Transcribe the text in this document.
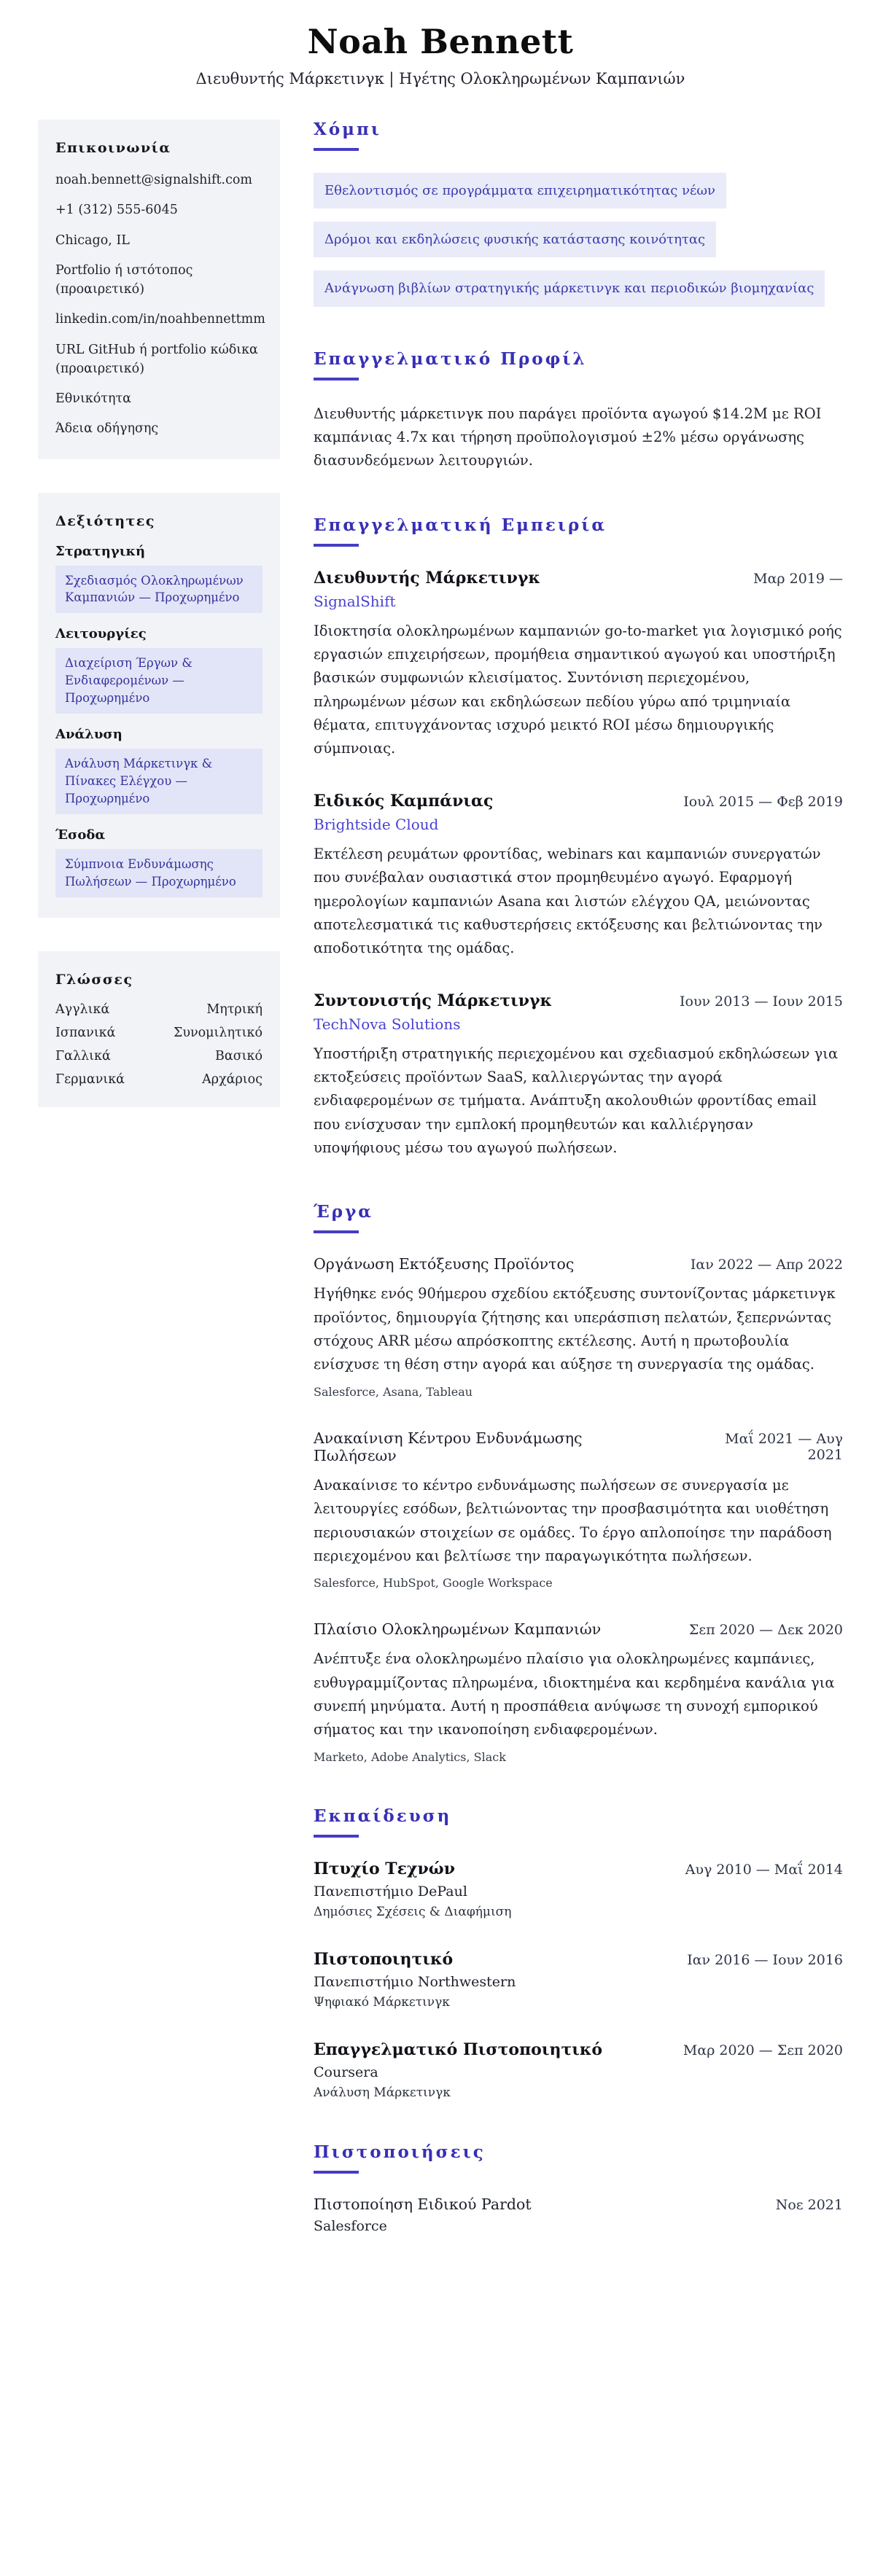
Noah Bennett
Διευθυντής Μάρκετινγκ | Ηγέτης Ολοκληρωμένων Καμπανιών
Επικοινωνία
noah.bennett@signalshift.com
+1 (312) 555-6045
Chicago, IL
Portfolio ή ιστότοπος (προαιρετικό)
linkedin.com/in/noahbennettmm
URL GitHub ή portfolio κώδικα (προαιρετικό)
Εθνικότητα
Άδεια οδήγησης
Δεξιότητες
Στρατηγική
Σχεδιασμός Ολοκληρωμένων Καμπανιών — Προχωρημένο
Λειτουργίες
Διαχείριση Έργων & Ενδιαφερομένων — Προχωρημένο
Ανάλυση
Ανάλυση Μάρκετινγκ & Πίνακες Ελέγχου — Προχωρημένο
Έσοδα
Σύμπνοια Ενδυνάμωσης Πωλήσεων — Προχωρημένο
Γλώσσες
Αγγλικά	Μητρική
Ισπανικά	Συνομιλητικό
Γαλλικά	Βασικό
Γερμανικά	Αρχάριος
Χόμπι
Εθελοντισμός σε προγράμματα επιχειρηματικότητας νέων
Δρόμοι και εκδηλώσεις φυσικής κατάστασης κοινότητας
Ανάγνωση βιβλίων στρατηγικής μάρκετινγκ και περιοδικών βιομηχανίας
Επαγγελματικό Προφίλ
Διευθυντής μάρκετινγκ που παράγει προϊόντα αγωγού $14.2M με ROI καμπάνιας 4.7x και τήρηση προϋπολογισμού ±2% μέσω οργάνωσης διασυνδεόμενων λειτουργιών.
Επαγγελματική Εμπειρία
Διευθυντής Μάρκετινγκ	Μαρ 2019 —
SignalShift
Ιδιοκτησία ολοκληρωμένων καμπανιών go-to-market για λογισμικό ροής εργασιών επιχειρήσεων, προμήθεια σημαντικού αγωγού και υποστήριξη βασικών συμφωνιών κλεισίματος. Συντόνιση περιεχομένου, πληρωμένων μέσων και εκδηλώσεων πεδίου γύρω από τριμηνιαία θέματα, επιτυγχάνοντας ισχυρό μεικτό ROI μέσω δημιουργικής σύμπνοιας.
Ειδικός Καμπάνιας	Ιουλ 2015 — Φεβ 2019
Brightside Cloud
Εκτέλεση ρευμάτων φροντίδας, webinars και καμπανιών συνεργατών που συνέβαλαν ουσιαστικά στον προμηθευμένο αγωγό. Εφαρμογή ημερολογίων καμπανιών Asana και λιστών ελέγχου QA, μειώνοντας αποτελεσματικά τις καθυστερήσεις εκτόξευσης και βελτιώνοντας την αποδοτικότητα της ομάδας.
Συντονιστής Μάρκετινγκ	Ιουν 2013 — Ιουν 2015
TechNova Solutions
Υποστήριξη στρατηγικής περιεχομένου και σχεδιασμού εκδηλώσεων για εκτοξεύσεις προϊόντων SaaS, καλλιεργώντας την αγορά ενδιαφερομένων σε τμήματα. Ανάπτυξη ακολουθιών φροντίδας email που ενίσχυσαν την εμπλοκή προμηθευτών και καλλιέργησαν υποψήφιους μέσω του αγωγού πωλήσεων.
Έργα
Οργάνωση Εκτόξευσης Προϊόντος	Ιαν 2022 — Απρ 2022
Ηγήθηκε ενός 90ήμερου σχεδίου εκτόξευσης συντονίζοντας μάρκετινγκ προϊόντος, δημιουργία ζήτησης και υπεράσπιση πελατών, ξεπερνώντας στόχους ARR μέσω απρόσκοπτης εκτέλεσης. Αυτή η πρωτοβουλία ενίσχυσε τη θέση στην αγορά και αύξησε τη συνεργασία της ομάδας.
Salesforce, Asana, Tableau
Ανακαίνιση Κέντρου Ενδυνάμωσης Πωλήσεων
Μαΐ 2021 — Αυγ 2021
Ανακαίνισε το κέντρο ενδυνάμωσης πωλήσεων σε συνεργασία με λειτουργίες εσόδων, βελτιώνοντας την προσβασιμότητα και υιοθέτηση περιουσιακών στοιχείων σε ομάδες. Το έργο απλοποίησε την παράδοση περιεχομένου και βελτίωσε την παραγωγικότητα πωλήσεων.
Salesforce, HubSpot, Google Workspace
Πλαίσιο Ολοκληρωμένων Καμπανιών	Σεπ 2020 — Δεκ 2020
Ανέπτυξε ένα ολοκληρωμένο πλαίσιο για ολοκληρωμένες καμπάνιες, ευθυγραμμίζοντας πληρωμένα, ιδιοκτημένα και κερδημένα κανάλια για συνεπή μηνύματα. Αυτή η προσπάθεια ανύψωσε τη συνοχή εμπορικού σήματος και την ικανοποίηση ενδιαφερομένων.
Marketo, Adobe Analytics, Slack
Εκπαίδευση
Πτυχίο Τεχνών	Αυγ 2010 — Μαΐ 2014
Πανεπιστήμιο DePaul
Δημόσιες Σχέσεις & Διαφήμιση
Πιστοποιητικό	Ιαν 2016 — Ιουν 2016
Πανεπιστήμιο Northwestern
Ψηφιακό Μάρκετινγκ
Επαγγελματικό Πιστοποιητικό	Μαρ 2020 — Σεπ 2020
Coursera
Ανάλυση Μάρκετινγκ
Πιστοποιήσεις
Πιστοποίηση Ειδικού Pardot	Νοε 2021
Salesforce
